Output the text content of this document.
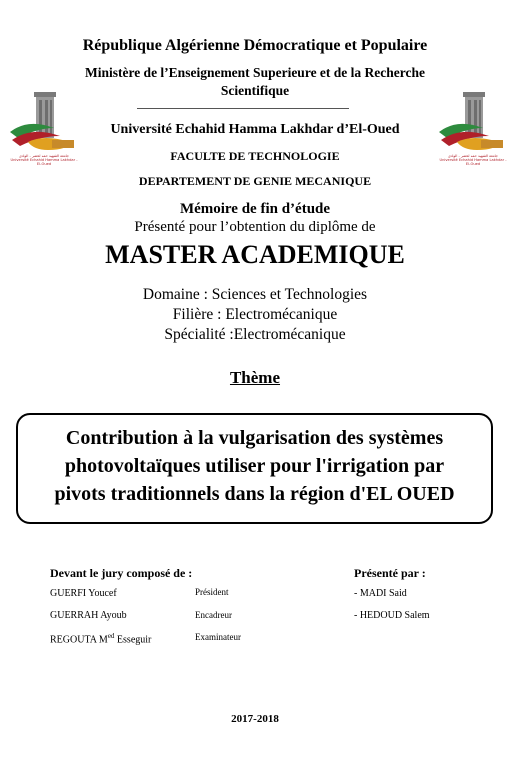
جامعة الشهيد حمه لخضر - الوادي
Université Echahid Hamma Lakhdar - El-Oued
جامعة الشهيد حمه لخضر - الوادي
Université Echahid Hamma Lakhdar - El-Oued
République Algérienne Démocratique et Populaire
Ministère de l’Enseignement Superieure et de la Recherche
Scientifique
Université Echahid Hamma Lakhdar d’El-Oued
FACULTE DE TECHNOLOGIE
DEPARTEMENT DE GENIE MECANIQUE
Mémoire de fin d’étude
Présenté pour l’obtention du diplôme de
MASTER ACADEMIQUE
Domaine : Sciences et Technologies
Filière : Electromécanique
Spécialité :Electromécanique
Thème
Contribution à la vulgarisation des systèmes
photovoltaïques utiliser pour l'irrigation par
pivots traditionnels dans la région d'EL OUED
Devant le jury composé de :
GUERFI Youcef	Président
GUERRAH Ayoub	Encadreur
REGOUTA $M^{ed}$ Esseguir	Examinateur
Présenté par :
- MADI Said
- HEDOUD Salem
2017-2018
